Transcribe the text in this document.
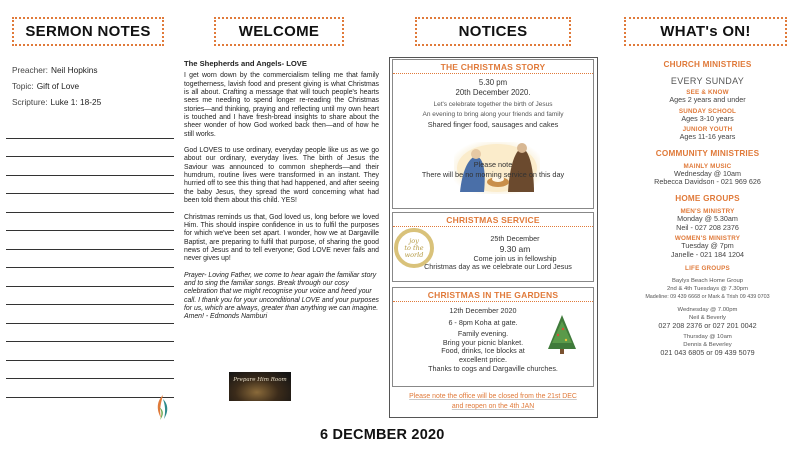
SERMON NOTES	WELCOME	NOTICES	WHAT's ON!
Preacher: Neil Hopkins
Topic: Gift of Love
Scripture: Luke 1: 18-25
The Shepherds and Angels- LOVE

I get worn down by the commercialism telling me that family togetherness, lavish food and present giving is what Christmas is all about. Crafting a message that will touch people's hearts sees me needing to spend longer re-reading the Christmas stories—and thinking, praying and reflecting until my own heart is touched and I have fresh-bread insights to share about the sheer wonder of how God worked back then—and of how he still works.

God LOVES to use ordinary, everyday people like us as we go about our ordinary, everyday lives. The birth of Jesus the Saviour was announced to common shepherds—and their humdrum, routine lives were transformed in an instant. They hurried off to see this thing that had happened, and after seeing the baby Jesus, they spread the word concerning what had been told them about this child. YES!

Christmas reminds us that, God loved us, long before we loved Him. This should inspire confidence in us to fulfil the purposes for which we've been set apart. I wonder, how we at Dargaville Baptist, are preparing to fulfil that purpose, of sharing the good news of Jesus and to tell everyone; God LOVE never fails and never gives up!

Prayer- Loving Father, we come to hear again the familiar story and to sing the familiar songs. Break through our cosy celebration that we might recognise your voice and heed your call. I thank you for your unconditional LOVE and your purposes for us, which are always, greater than anything we can imagine. Amen! - Edmonds Namburi

Prepare Him Room
THE CHRISTMAS STORY
5.30 pm
20th December 2020.
Let's celebrate together the birth of Jesus
An evening to bring along your friends and family
Shared finger food, sausages and cakes
Please note
There will be no morning service on this day
CHRISTMAS SERVICE
25th December
9.30 am
Come join us in fellowship
Christmas day as we celebrate our Lord Jesus
joy
to the
world
CHRISTMAS IN THE GARDENS
12th December 2020
6 - 8pm Koha at gate.
Family evening.
Bring your picnic blanket.
Food, drinks, Ice blocks at
excellent price.
Thanks to cogs and Dargaville churches.
Please note the office will be closed from the 21st DEC
and reopen on the 4th JAN
6 DECMBER 2020
CHURCH MINISTRIES
EVERY SUNDAY
SEE & KNOW
Ages 2 years and under
SUNDAY SCHOOL
Ages 3-10 years
JUNIOR YOUTH
Ages 11-16 years
COMMUNITY MINISTRIES
MAINLY MUSIC
Wednesday @ 10am
Rebecca Davidson - 021 969 626
HOME GROUPS
MEN'S MINISTRY
Monday @ 5.30am
Neil - 027 208 2376
WOMEN'S MINISTRY
Tuesday @ 7pm
Janelle - 021 184 1204
LIFE GROUPS
Baylys Beach Home Group
2nd & 4th Tuesdays @ 7.30pm
Madeline: 09 439 6668 or Mark & Trish 09 439 0703
Wednesday @ 7.00pm
Neil & Beverly
027 208 2376 or 027 201 0042
Thursday @ 10am
Dennis & Beverley
021 043 6805 or 09 439 5079
